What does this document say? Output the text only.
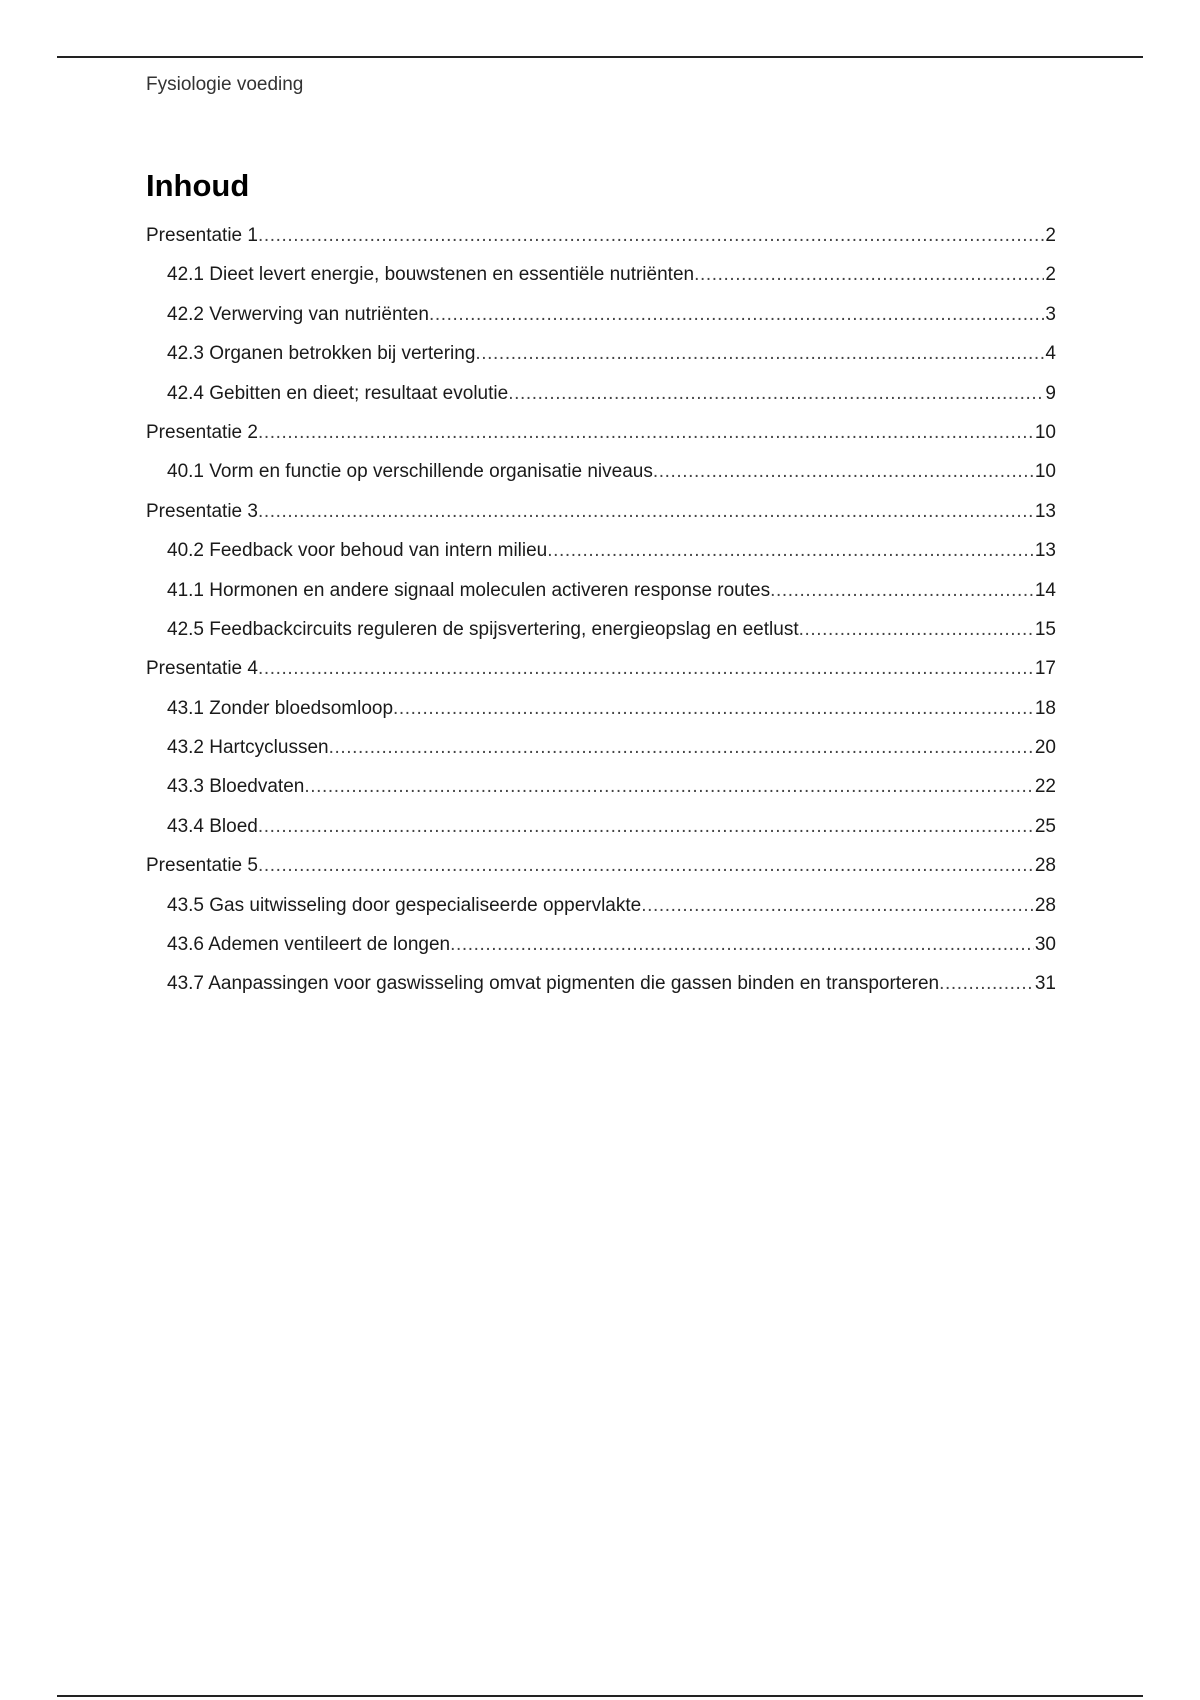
Fysiologie voeding
Inhoud
Presentatie 1 .....	2
42.1 Dieet levert energie, bouwstenen en essentiële nutriënten .....	2
42.2 Verwerving van nutriënten .....	3
42.3 Organen betrokken bij vertering .....	4
42.4 Gebitten en dieet; resultaat evolutie .....	9
Presentatie 2 .....	10
40.1 Vorm en functie op verschillende organisatie niveaus .....	10
Presentatie 3 .....	13
40.2 Feedback voor behoud van intern milieu .....	13
41.1 Hormonen en andere signaal moleculen activeren response routes .....	14
42.5 Feedbackcircuits reguleren de spijsvertering, energieopslag en eetlust .....	15
Presentatie 4 .....	17
43.1 Zonder bloedsomloop .....	18
43.2 Hartcyclussen .....	20
43.3 Bloedvaten .....	22
43.4 Bloed .....	25
Presentatie 5 .....	28
43.5 Gas uitwisseling door gespecialiseerde oppervlakte .....	28
43.6 Ademen ventileert de longen .....	30
43.7 Aanpassingen voor gaswisseling omvat pigmenten die gassen binden en transporteren .....	31
